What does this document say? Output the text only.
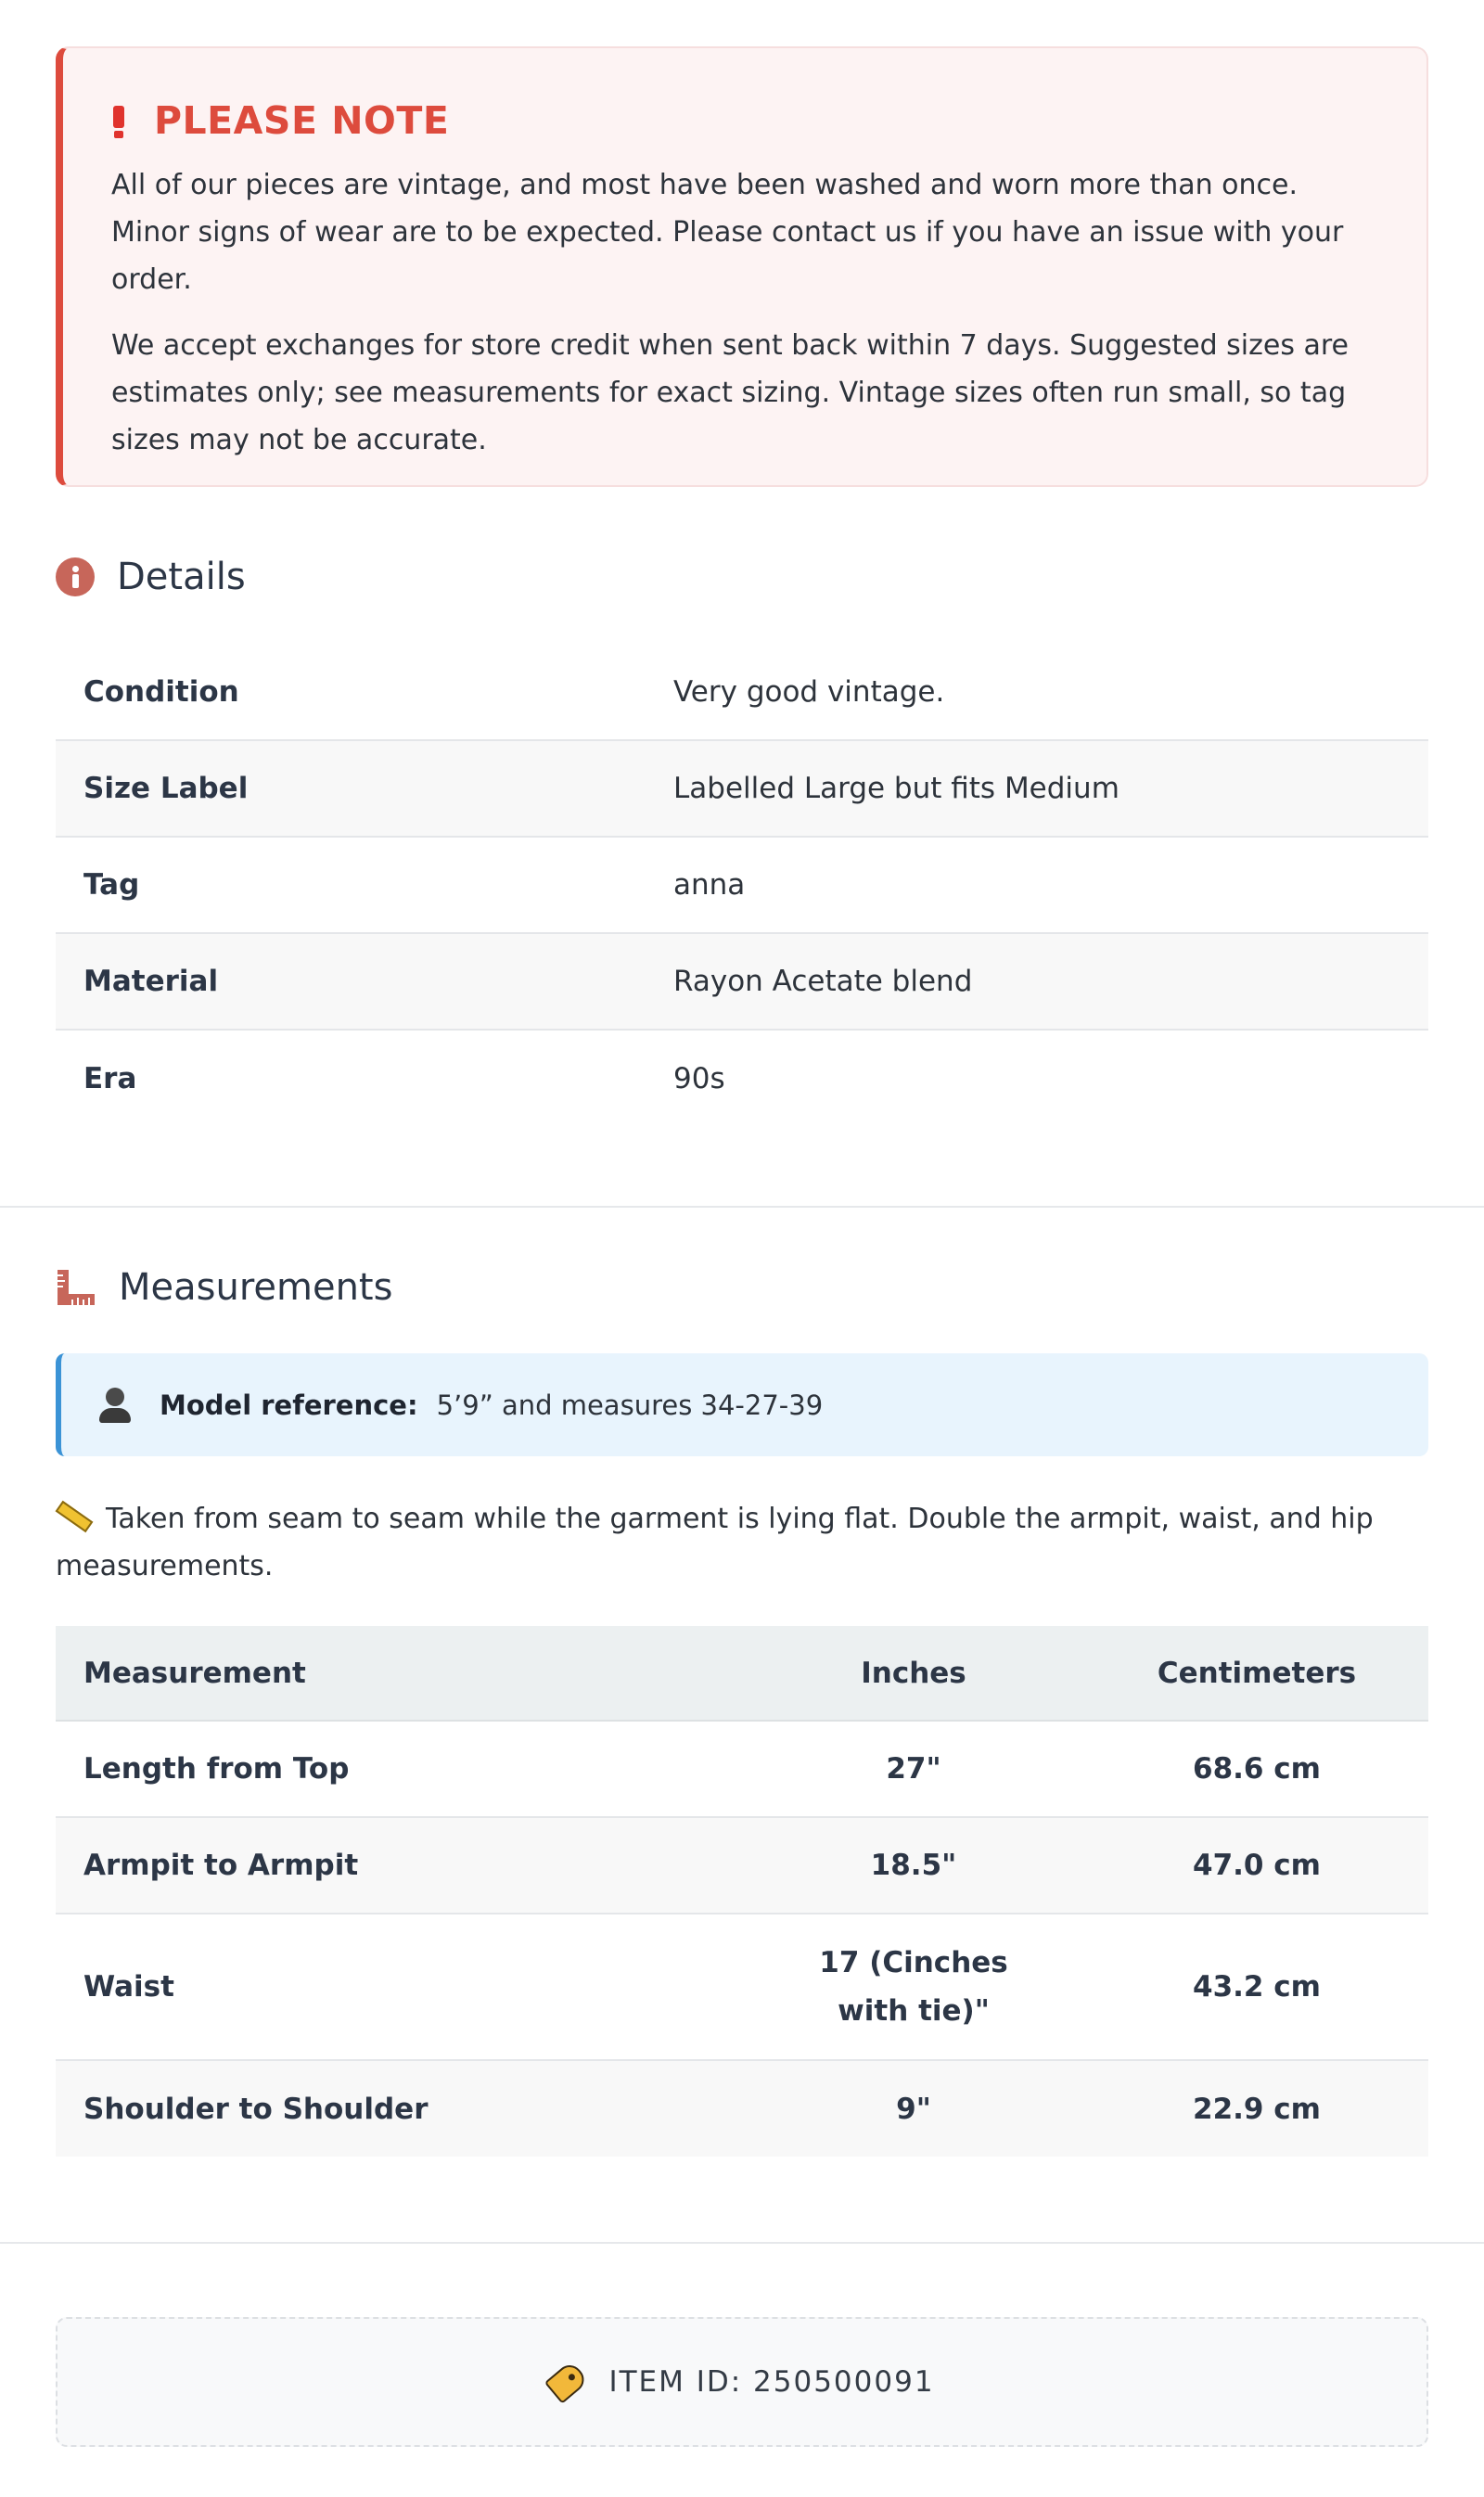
PLEASE NOTE

All of our pieces are vintage, and most have been washed and worn more than once. Minor signs of wear are to be expected. Please contact us if you have an issue with your order.

We accept exchanges for store credit when sent back within 7 days. Suggested sizes are estimates only; see measurements for exact sizing. Vintage sizes often run small, so tag sizes may not be accurate.

Details
Condition	Very good vintage.
Size Label	Labelled Large but fits Medium
Tag	anna
Material	Rayon Acetate blend
Era	90s
Measurements
Model reference: 5’9” and measures 34-27-39
Taken from seam to seam while the garment is lying flat. Double the armpit, waist, and hip measurements.
Measurement	Inches	Centimeters
Length from Top	27"	68.6 cm
Armpit to Armpit	18.5"	47.0 cm
Waist	17 (Cinches with tie)"	43.2 cm
Shoulder to Shoulder	9"	22.9 cm
ITEM ID: 250500091
